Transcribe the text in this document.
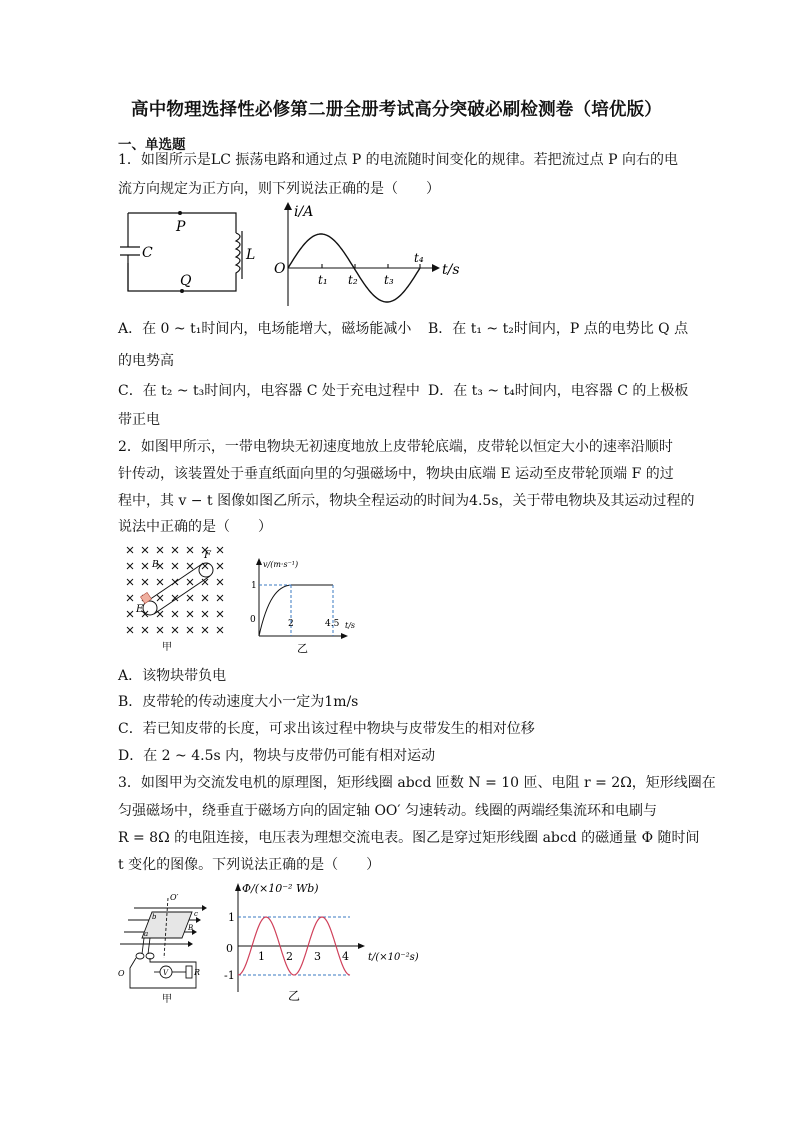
高中物理选择性必修第二册全册考试高分突破必刷检测卷（培优版）
一、单选题
1．如图所示是LC 振荡电路和通过点 P 的电流随时间变化的规律。若把流过点 P 向右的电
流方向规定为正方向，则下列说法正确的是（　　）
C
P
Q
L
i/A
t/s
O
t₁ t₂ t₃
t₄
A．在 0 ~ t₁时间内，电场能增大，磁场能减小 B．在 t₁ ~ t₂时间内，P 点的电势比 Q 点
的电势高
C．在 t₂ ~ t₃时间内，电容器 C 处于充电过程中 D．在 t₃ ~ t₄时间内，电容器 C 的上极板
带正电
2．如图甲所示，一带电物块无初速度地放上皮带轮底端，皮带轮以恒定大小的速率沿顺时
针传动，该装置处于垂直纸面向里的匀强磁场中，物块由底端 E 运动至皮带轮顶端 F 的过
程中，其 v − t 图像如图乙所示，物块全程运动的时间为4.5s，关于带电物块及其运动过程的
说法中正确的是（　　）
F
E
B
甲
v/(m·s⁻¹)
t/s
0
1
2	4.5
乙
A．该物块带负电
B．皮带轮的传动速度大小一定为1m/s
C．若已知皮带的长度，可求出该过程中物块与皮带发生的相对位移
D．在 2 ~ 4.5s 内，物块与皮带仍可能有相对运动
3．如图甲为交流发电机的原理图，矩形线圈 abcd 匝数 N = 10 匝、电阻 r = 2Ω，矩形线圈在
匀强磁场中，绕垂直于磁场方向的固定轴 OO′ 匀速转动。线圈的两端经集流环和电刷与
R = 8Ω 的电阻连接，电压表为理想交流电表。图乙是穿过矩形线圈 abcd 的磁通量 Φ 随时间
t 变化的图像。下列说法正确的是（　　）
O′
O	V	R
a
b	c
B
甲
Φ/(×10⁻² Wb)
t/(×10⁻²s)
0
1
-1
1 2 3 4
乙
